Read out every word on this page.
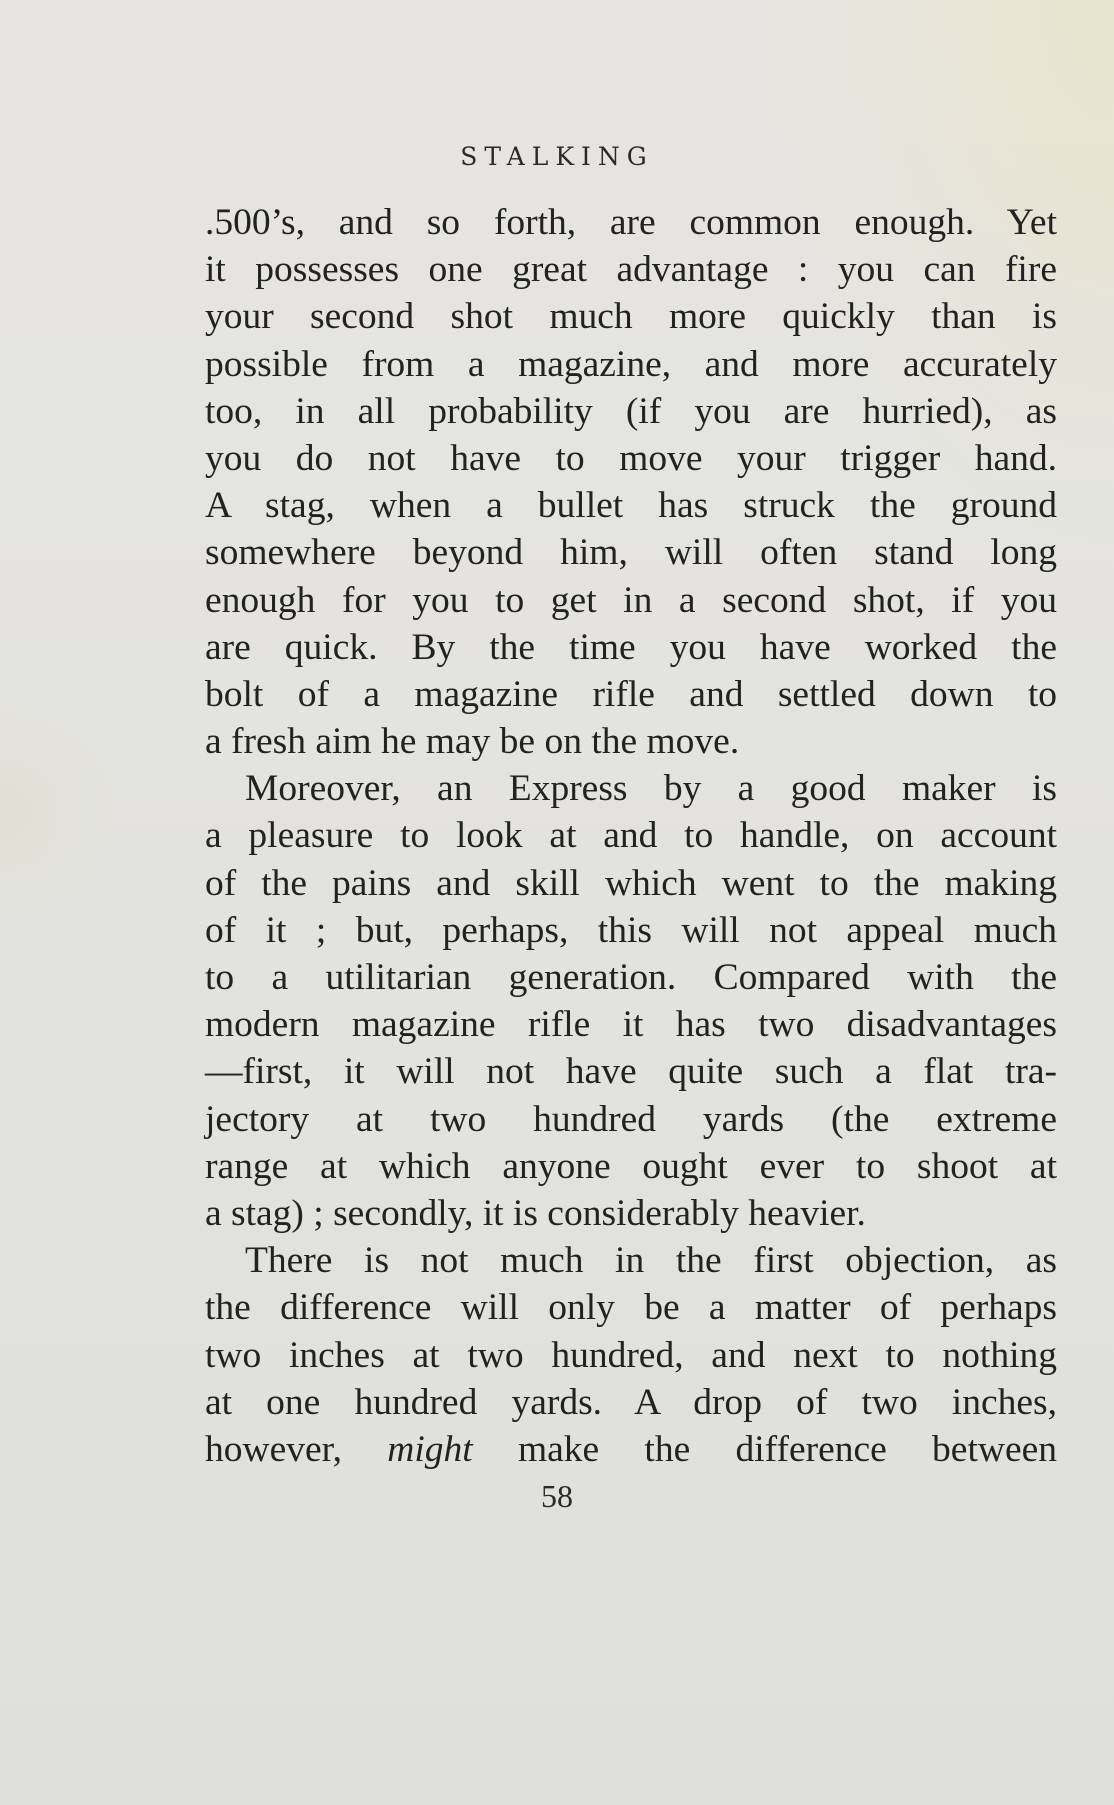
STALKING
.500’s, and so forth, are common enough. Yet
it possesses one great advantage : you can fire
your second shot much more quickly than is
possible from a magazine, and more accurately
too, in all probability (if you are hurried), as
you do not have to move your trigger hand.
A stag, when a bullet has struck the ground
somewhere beyond him, will often stand long
enough for you to get in a second shot, if you
are quick. By the time you have worked the
bolt of a magazine rifle and settled down to
a fresh aim he may be on the move.
Moreover, an Express by a good maker is
a pleasure to look at and to handle, on account
of the pains and skill which went to the making
of it ; but, perhaps, this will not appeal much
to a utilitarian generation. Compared with the
modern magazine rifle it has two disadvantages
—first, it will not have quite such a flat tra-
jectory at two hundred yards (the extreme
range at which anyone ought ever to shoot at
a stag) ; secondly, it is considerably heavier.
There is not much in the first objection, as
the difference will only be a matter of perhaps
two inches at two hundred, and next to nothing
at one hundred yards. A drop of two inches,
however, might make the difference between
58
